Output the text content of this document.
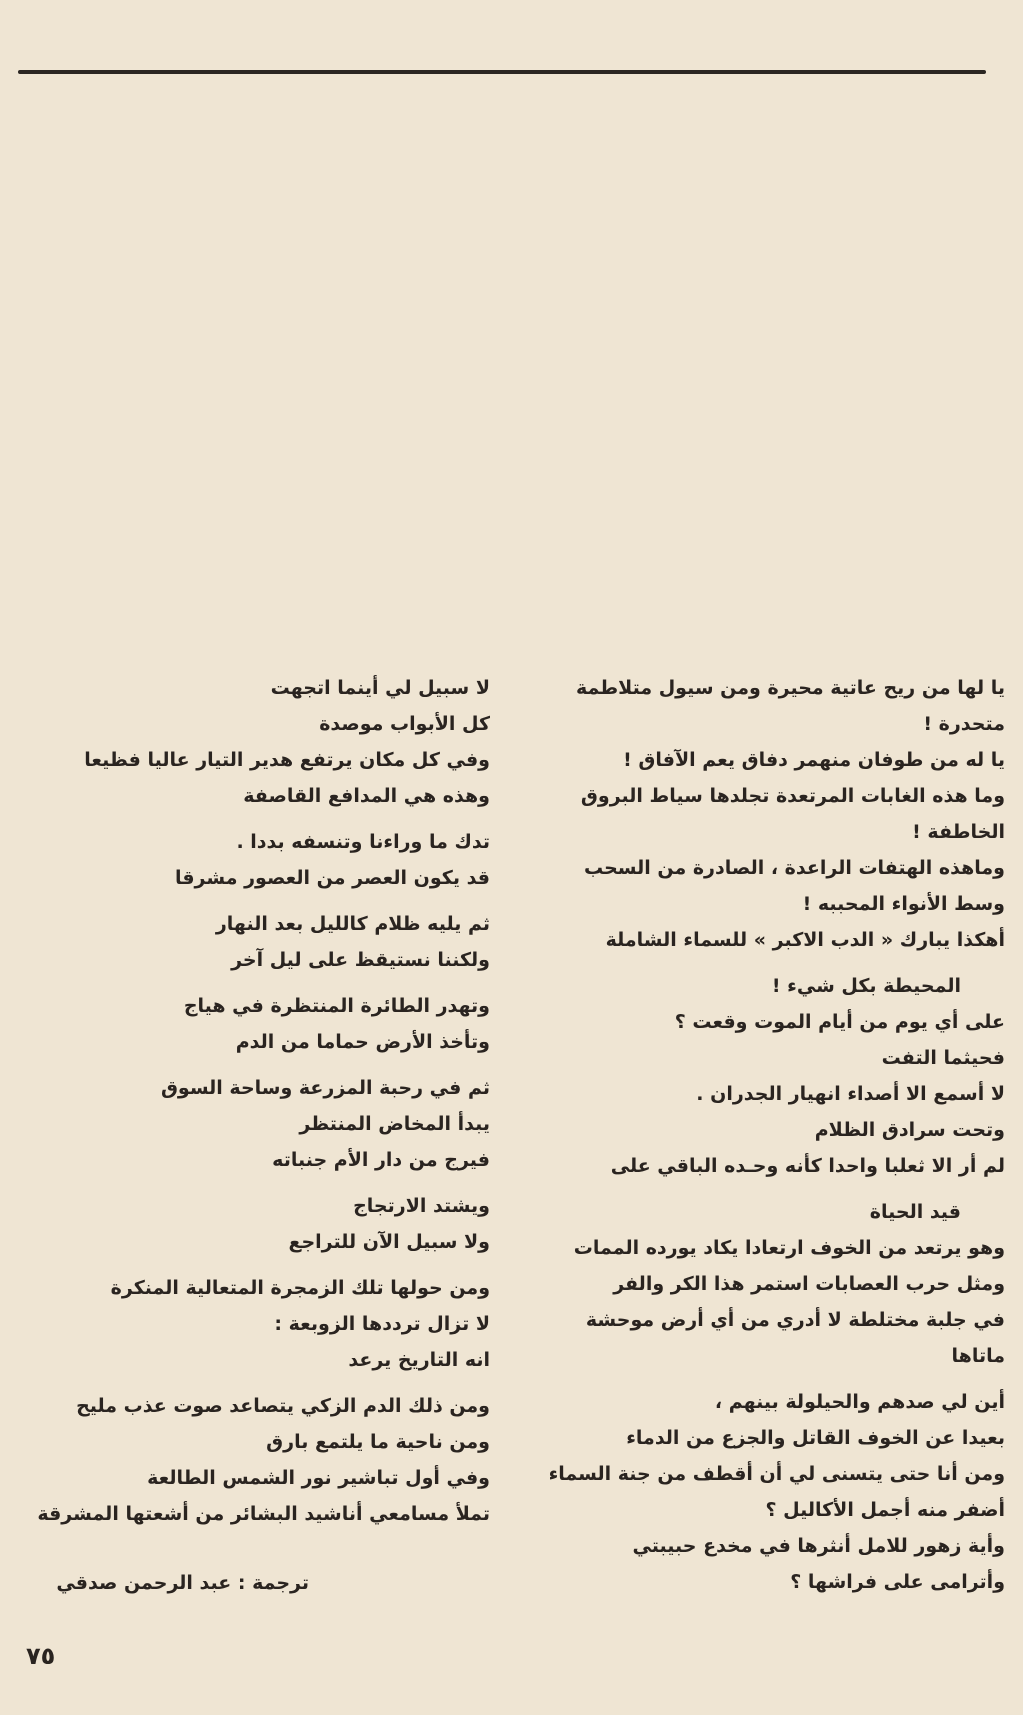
يا لها من ريح عاتية محيرة ومن سيول متلاطمة
متحدرة !
يا له من طوفان منهمر دفاق يعم الآفاق !
وما هذه الغابات المرتعدة تجلدها سياط البروق
الخاطفة !
وماهذه الهتفات الراعدة ، الصادرة من السحب
وسط الأنواء المحببه !
أهكذا يبارك « الدب الاكبر » للسماء الشاملة
المحيطة بكل شيء !
على أي يوم من أيام الموت وقعت ؟
فحيثما التفت
لا أسمع الا أصداء انهيار الجدران .
وتحت سرادق الظلام
لم أر الا ثعلبا واحدا كأنه وحـده الباقي على
قيد الحياة
وهو يرتعد من الخوف ارتعادا يكاد يورده الممات
ومثل حرب العصابات استمر هذا الكر والفر
في جلبة مختلطة لا أدري من أي أرض موحشة
ماتاها
أين لي صدهم والحيلولة بينهم ،
بعيدا عن الخوف القاتل والجزع من الدماء
ومن أنا حتى يتسنى لي أن أقطف من جنة السماء
أضفر منه أجمل الأكاليل ؟
وأية زهور للامل أنثرها في مخدع حبيبتي
وأترامى على فراشها ؟
لا سبيل لي أينما اتجهت
كل الأبواب موصدة
وفي كل مكان يرتفع هدير التيار عاليا فظيعا
وهذه هي المدافع القاصفة
تدك ما وراءنا وتنسفه بددا .
قد يكون العصر من العصور مشرقا
ثم يليه ظلام كالليل بعد النهار
ولكننا نستيقظ على ليل آخر
وتهدر الطائرة المنتظرة في هياج
وتأخذ الأرض حماما من الدم
ثم في رحبة المزرعة وساحة السوق
يبدأ المخاض المنتظر
فيرج من دار الأم جنباته
ويشتد الارتجاج
ولا سبيل الآن للتراجع
ومن حولها تلك الزمجرة المتعالية المنكرة
لا تزال ترددها الزوبعة :
انه التاريخ يرعد
ومن ذلك الدم الزكي يتصاعد صوت عذب مليح
ومن ناحية ما يلتمع بارق
وفي أول تباشير نور الشمس الطالعة
تملأ مسامعي أناشيد البشائر من أشعتها المشرقة
ترجمة : عبد الرحمن صدقي
٧٥
